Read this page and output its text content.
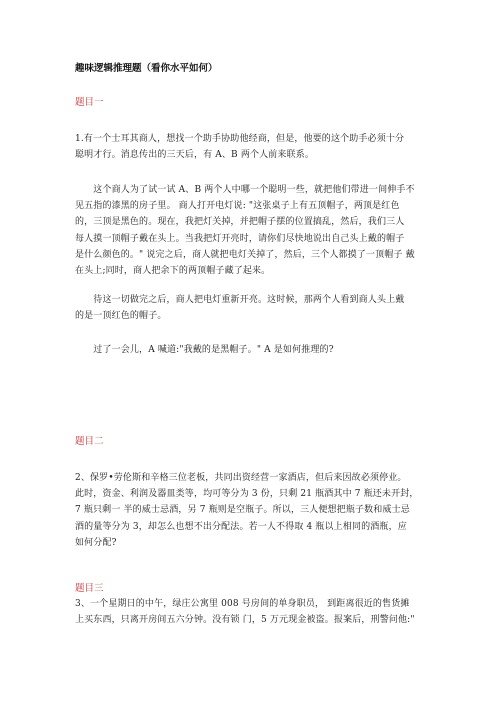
趣味逻辑推理题（看你水平如何）
题目一
1.有一个士耳其商人，想找一个助手协助他经商，但是，他要的这个助手必须十分
聪明才行。消息传出的三天后，有 A、B 两个人前来联系。
　　这个商人为了试一试 A、B 两个人中哪一个聪明一些，就把他们带进一间伸手不
见五指的漆黑的房子里。 商人打开电灯说: "这张桌子上有五顶帽子，两顶是红色
的，三顶是黑色的。现在，我把灯关掉，并把帽子摆的位置搞乱，然后，我们三人
每人摸一顶帽子戴在头上。当我把灯开亮时，请你们尽快地说出自己头上戴的帽子
是什么颜色的。" 说完之后，商人就把电灯关掉了，然后，三个人都摸了一顶帽子 戴
在头上;同时，商人把余下的两顶帽子藏了起来。
　　待这一切做完之后，商人把电灯重新开亮。这时候，那两个人看到商人头上戴
的是一顶红色的帽子。
　　过了一会儿，A 喊道:"我戴的是黑帽子。" A 是如何推理的?
题目二
2、保罗•劳伦斯和辛格三位老板，共同出资经营一家酒店，但后来因故必须停业。
此时，资金、利润及器皿类等，均可等分为 3 份，只剩 21 瓶酒其中 7 瓶还未开封，
7 瓶只剩一 半的威士忌酒，另 7 瓶则是空瓶子。所以，三人便想把瓶子数和威士忌
酒的量等分为 3，却怎么也想不出分配法。若一人不得取 4 瓶以上相同的酒瓶，应
如何分配?
题目三
3、一个星期日的中午，绿庄公寓里 008 号房间的单身职员， 到距离很近的售货摊
上买东西，只离开房间五六分钟。没有锁 门，5 万元现金被盗。报案后，刑警问他:"
